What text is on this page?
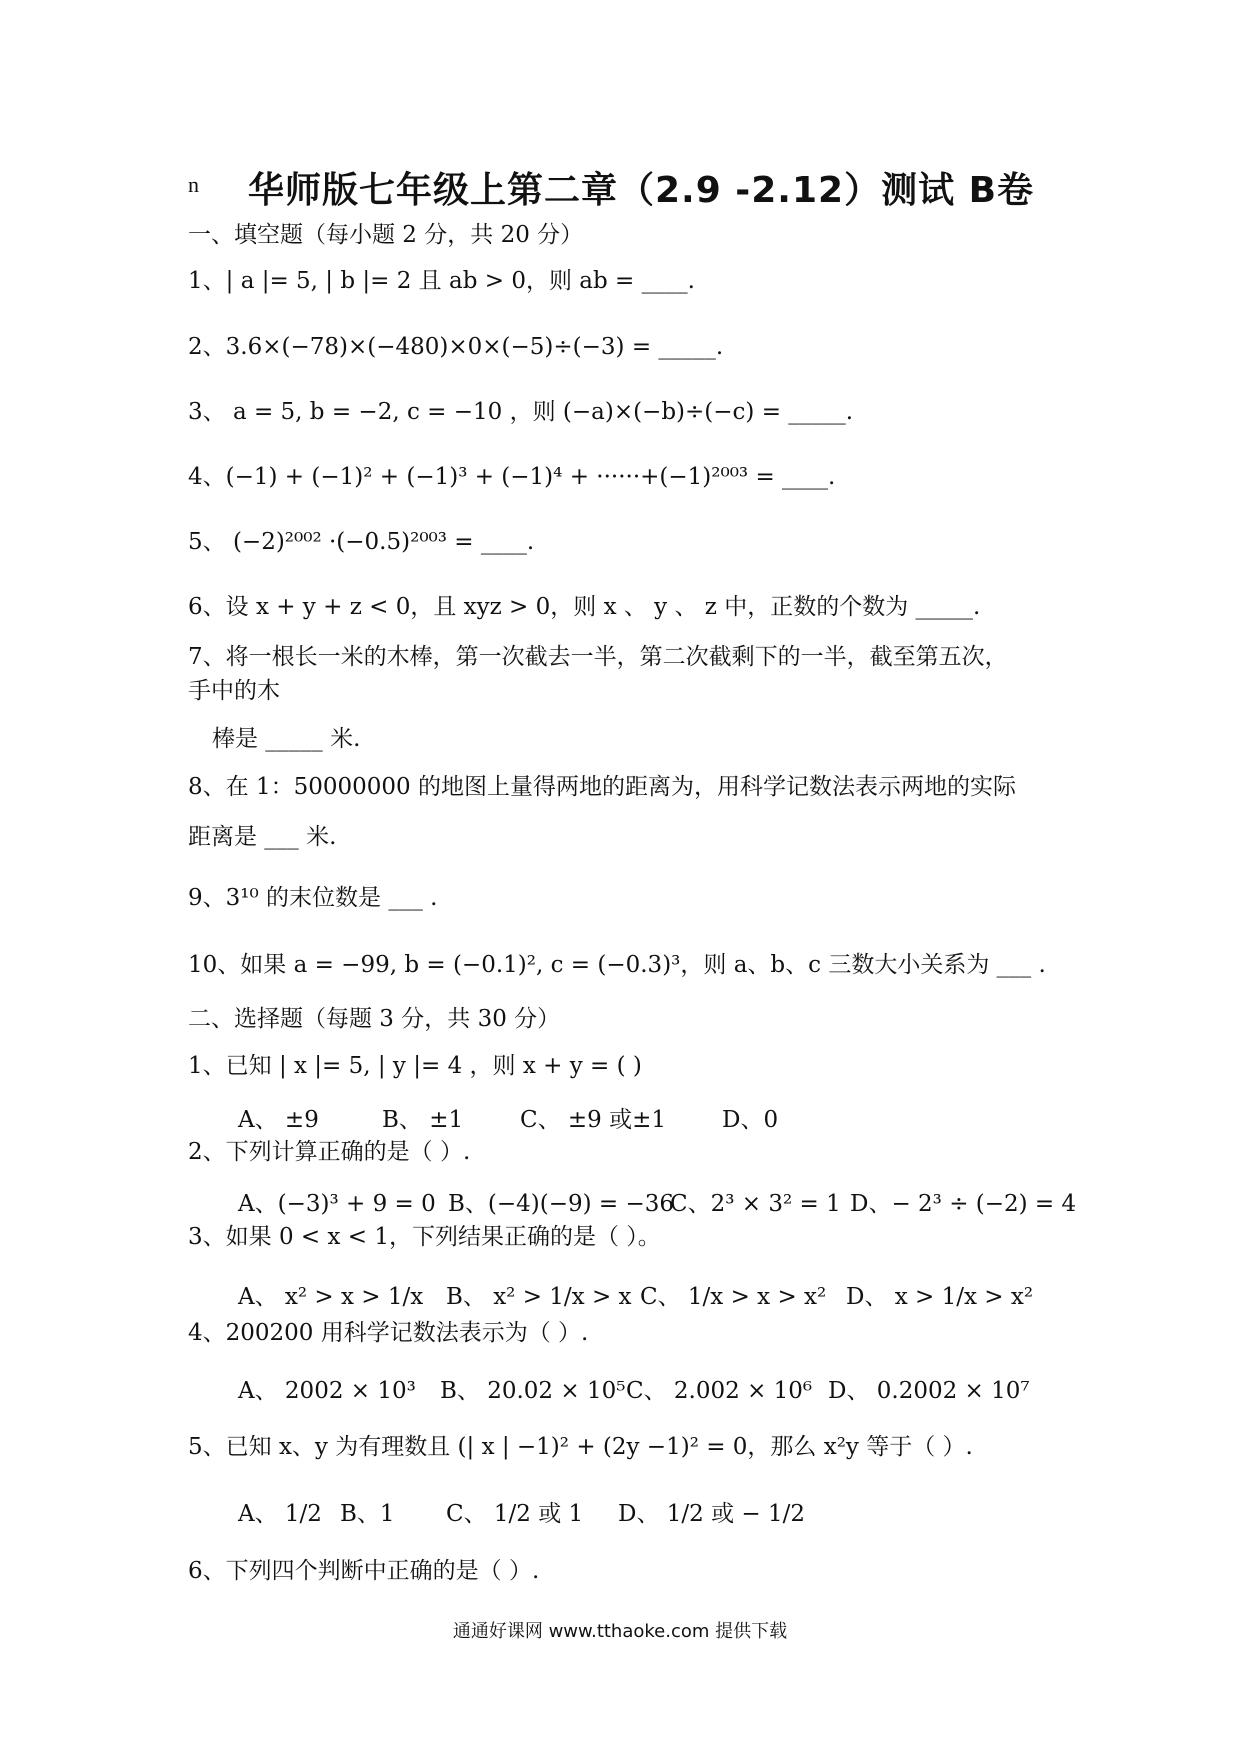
n 华师版七年级上第二章（2.9 -2.12）测试 B卷
一、填空题（每小题 2 分，共 20 分）
1、| a |= 5, | b |= 2 且 ab > 0，则 ab = ____.
2、3.6×(−78)×(−480)×0×(−5)÷(−3) = _____.
3、 a = 5, b = −2, c = −10 ，则 (−a)×(−b)÷(−c) = _____.
4、(−1) + (−1)² + (−1)³ + (−1)⁴ + ······+(−1)²⁰⁰³ = ____.
5、 (−2)²⁰⁰² ·(−0.5)²⁰⁰³ = ____.
6、设 x + y + z < 0，且 xyz > 0，则 x 、 y 、 z 中，正数的个数为 _____.
7、将一根长一米的木棒，第一次截去一半，第二次截剩下的一半，截至第五次，
手中的木
棒是 _____ 米.
8、在 1：50000000 的地图上量得两地的距离为，用科学记数法表示两地的实际
距离是 ___ 米.
9、3¹⁰ 的末位数是 ___ .
10、如果 a = −99, b = (−0.1)², c = (−0.3)³，则 a、b、c 三数大小关系为 ___ .
二、选择题（每题 3 分，共 30 分）
1、已知 | x |= 5, | y |= 4 ，则 x + y = ( )
A、 ±9	B、 ±1 C、 ±9 或±1 D、0
2、下列计算正确的是（ ）.
A、(−3)³ + 9 = 0 B、(−4)(−9) = −36
C、2³ × 3² = 1 D、− 2³ ÷ (−2) = 4
3、如果 0 < x < 1，下列结果正确的是（ ）。
A、 x² > x > 1/x B、 x² > 1/x > x C、 1/x > x > x² D、 x > 1/x > x²
4、200200 用科学记数法表示为（ ）.
A、 2002 × 10³ B、 20.02 × 10⁵ C、 2.002 × 10⁶ D、 0.2002 × 10⁷
5、已知 x、y 为有理数且 (| x | −1)² + (2y −1)² = 0，那么 x²y 等于（ ）.
A、 1/2 B、1 C、 1/2 或 1 D、 1/2 或 − 1/2
6、下列四个判断中正确的是（ ）.
通通好课网 www.tthaoke.com 提供下载
